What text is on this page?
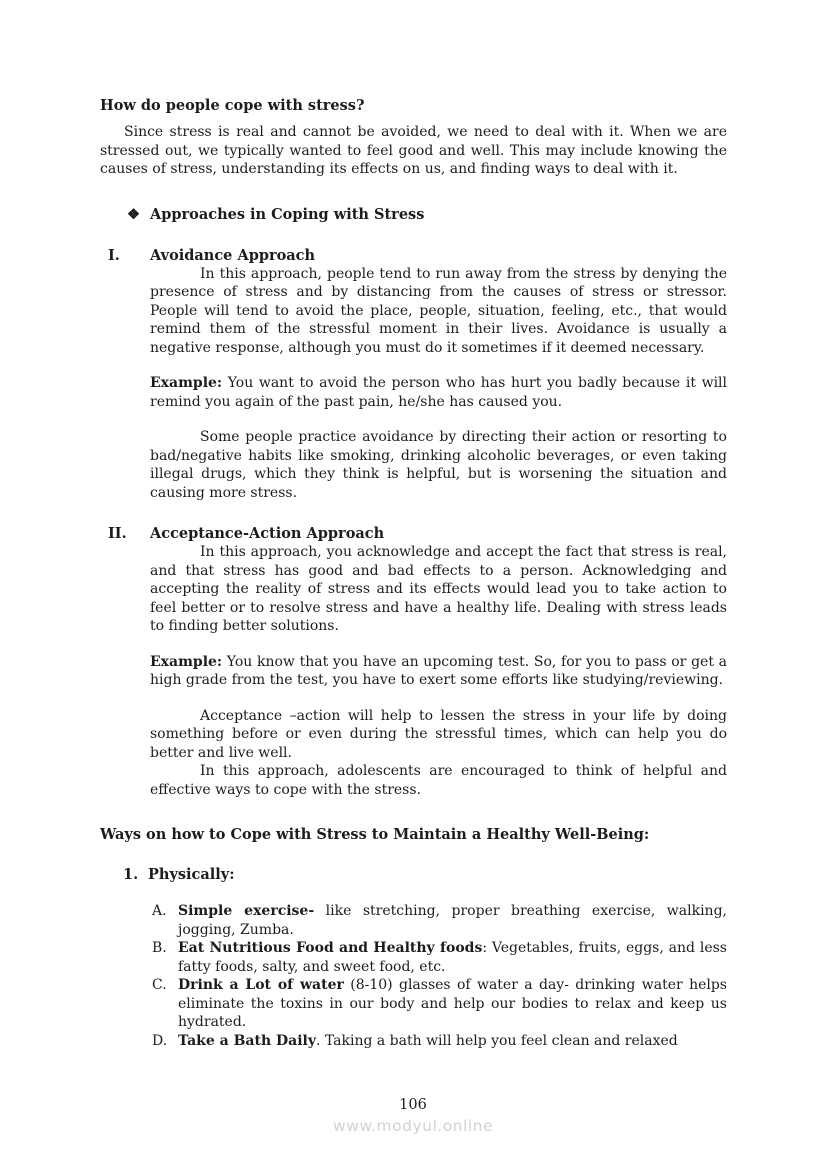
How do people cope with stress?

Since stress is real and cannot be avoided, we need to deal with it. When we are stressed out, we typically wanted to feel good and well. This may include knowing the causes of stress, understanding its effects on us, and finding ways to deal with it.

❖ Approaches in Coping with Stress
I. Avoidance Approach

In this approach, people tend to run away from the stress by denying the presence of stress and by distancing from the causes of stress or stressor. People will tend to avoid the place, people, situation, feeling, etc., that would remind them of the stressful moment in their lives. Avoidance is usually a negative response, although you must do it sometimes if it deemed necessary.

Example: You want to avoid the person who has hurt you badly because it will remind you again of the past pain, he/she has caused you.

Some people practice avoidance by directing their action or resorting to bad/negative habits like smoking, drinking alcoholic beverages, or even taking illegal drugs, which they think is helpful, but is worsening the situation and causing more stress.

II. Acceptance-Action Approach

In this approach, you acknowledge and accept the fact that stress is real, and that stress has good and bad effects to a person. Acknowledging and accepting the reality of stress and its effects would lead you to take action to feel better or to resolve stress and have a healthy life. Dealing with stress leads to finding better solutions.

Example: You know that you have an upcoming test. So, for you to pass or get a high grade from the test, you have to exert some efforts like studying/reviewing.

Acceptance –action will help to lessen the stress in your life by doing something before or even during the stressful times, which can help you do better and live well.

In this approach, adolescents are encouraged to think of helpful and effective ways to cope with the stress.

Ways on how to Cope with Stress to Maintain a Healthy Well-Being:
1. Physically:

A. Simple exercise- like stretching, proper breathing exercise, walking, jogging, Zumba.

B. Eat Nutritious Food and Healthy foods: Vegetables, fruits, eggs, and less fatty foods, salty, and sweet food, etc.

C. Drink a Lot of water (8-10) glasses of water a day- drinking water helps eliminate the toxins in our body and help our bodies to relax and keep us hydrated.

D. Take a Bath Daily. Taking a bath will help you feel clean and relaxed

106
www.modyul.online
